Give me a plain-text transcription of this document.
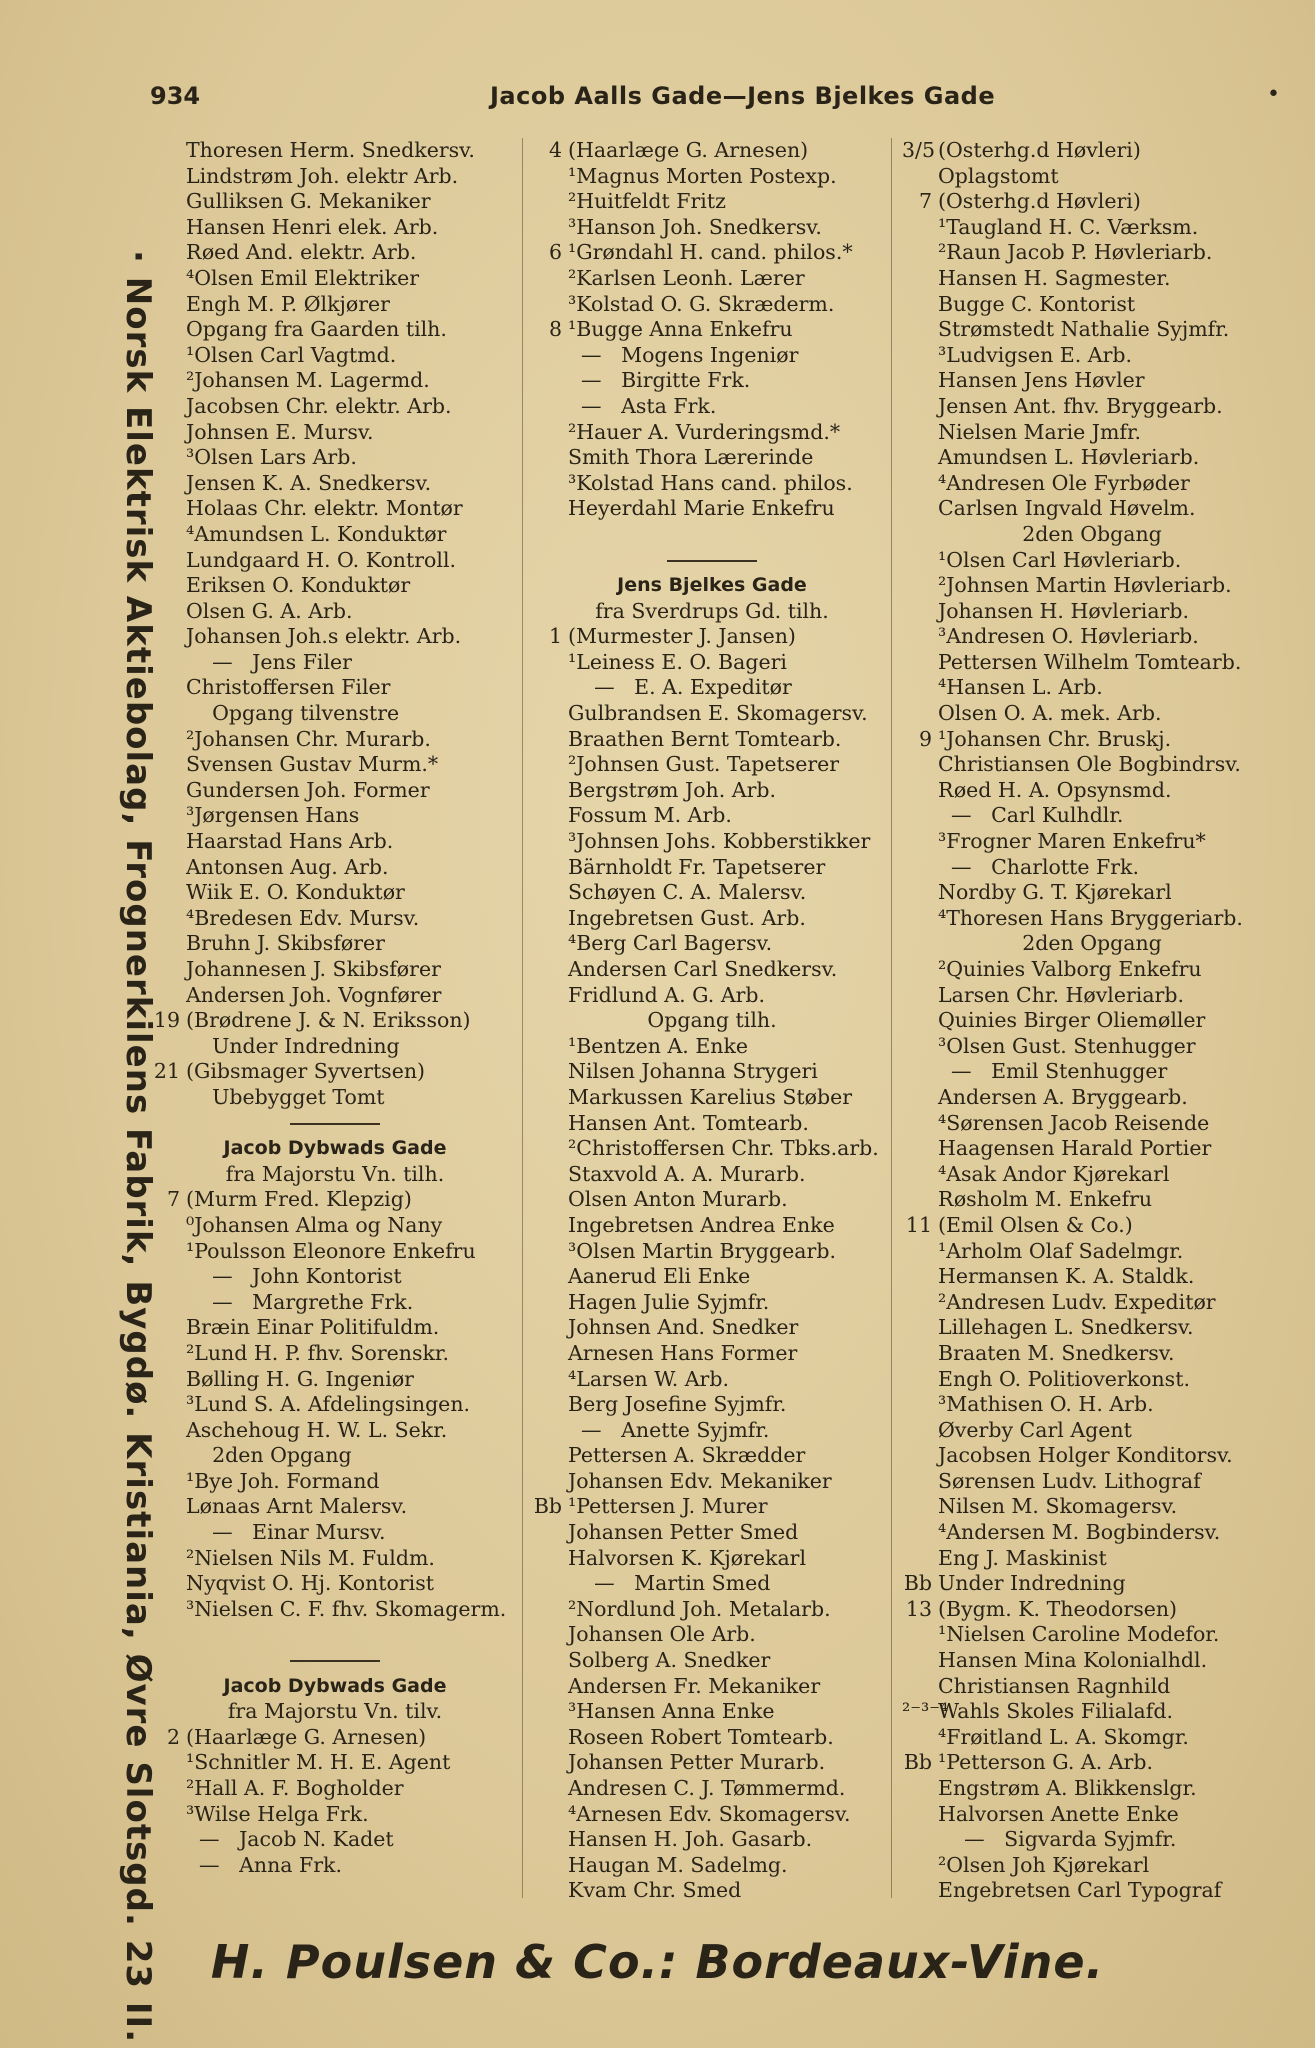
934	Jacob Aalls Gade—Jens Bjelkes Gade	•
· Norsk Elektrisk Aktiebolag, Frognerkilens Fabrik, Bygdø. Kristiania, Øvre Slotsgd. 23 II.
Thoresen Herm. Snedkersv.
Lindstrøm Joh. elektr Arb.
Gulliksen G. Mekaniker
Hansen Henri elek. Arb.
Røed And. elektr. Arb.
⁴Olsen Emil Elektriker
Engh M. P. Ølkjører
Opgang fra Gaarden tilh.
¹Olsen Carl Vagtmd.
²Johansen M. Lagermd.
Jacobsen Chr. elektr. Arb.
Johnsen E. Mursv.
³Olsen Lars Arb.
Jensen K. A. Snedkersv.
Holaas Chr. elektr. Montør
⁴Amundsen L. Konduktør
Lundgaard H. O. Kontroll.
Eriksen O. Konduktør
Olsen G. A. Arb.
Johansen Joh.s elektr. Arb.
—   Jens Filer
Christoffersen Filer
Opgang tilvenstre
²Johansen Chr. Murarb.
Svensen Gustav Murm.*
Gundersen Joh. Former
³Jørgensen Hans
Haarstad Hans Arb.
Antonsen Aug. Arb.
Wiik E. O. Konduktør
⁴Bredesen Edv. Mursv.
Bruhn J. Skibsfører
Johannesen J. Skibsfører
Andersen Joh. Vognfører
19 (Brødrene J. & N. Eriksson)
Under Indredning
21 (Gibsmager Syvertsen)
Ubebygget Tomt
Jacob Dybwads Gade
fra Majorstu Vn. tilh.
7 (Murm Fred. Klepzig)
⁰Johansen Alma og Nany
¹Poulsson Eleonore Enkefru
—   John Kontorist
—   Margrethe Frk.
Bræin Einar Politifuldm.
²Lund H. P. fhv. Sorenskr.
Bølling H. G. Ingeniør
³Lund S. A. Afdelingsingen.
Aschehoug H. W. L. Sekr.
2den Opgang
¹Bye Joh. Formand
Lønaas Arnt Malersv.
—   Einar Mursv.
²Nielsen Nils M. Fuldm.
Nyqvist O. Hj. Kontorist
³Nielsen C. F. fhv. Skomagerm.
Jacob Dybwads Gade
fra Majorstu Vn. tilv.
2 (Haarlæge G. Arnesen)
¹Schnitler M. H. E. Agent
²Hall A. F. Bogholder
³Wilse Helga Frk.
—   Jacob N. Kadet
—   Anna Frk.
4 (Haarlæge G. Arnesen)
¹Magnus Morten Postexp.
²Huitfeldt Fritz
³Hanson Joh. Snedkersv.
6 ¹Grøndahl H. cand. philos.*
²Karlsen Leonh. Lærer
³Kolstad O. G. Skræderm.
8 ¹Bugge Anna Enkefru
—   Mogens Ingeniør
—   Birgitte Frk.
—   Asta Frk.
²Hauer A. Vurderingsmd.*
Smith Thora Lærerinde
³Kolstad Hans cand. philos.
Heyerdahl Marie Enkefru
Jens Bjelkes Gade
fra Sverdrups Gd. tilh.
1 (Murmester J. Jansen)
¹Leiness E. O. Bageri
—   E. A. Expeditør
Gulbrandsen E. Skomagersv.
Braathen Bernt Tomtearb.
²Johnsen Gust. Tapetserer
Bergstrøm Joh. Arb.
Fossum M. Arb.
³Johnsen Johs. Kobberstikker
Bärnholdt Fr. Tapetserer
Schøyen C. A. Malersv.
Ingebretsen Gust. Arb.
⁴Berg Carl Bagersv.
Andersen Carl Snedkersv.
Fridlund A. G. Arb.
Opgang tilh.
¹Bentzen A. Enke
Nilsen Johanna Strygeri
Markussen Karelius Støber
Hansen Ant. Tomtearb.
²Christoffersen Chr. Tbks.arb.
Staxvold A. A. Murarb.
Olsen Anton Murarb.
Ingebretsen Andrea Enke
³Olsen Martin Bryggearb.
Aanerud Eli Enke
Hagen Julie Syjmfr.
Johnsen And. Snedker
Arnesen Hans Former
⁴Larsen W. Arb.
Berg Josefine Syjmfr.
—   Anette Syjmfr.
Pettersen A. Skrædder
Johansen Edv. Mekaniker
Bb ¹Pettersen J. Murer
Johansen Petter Smed
Halvorsen K. Kjørekarl
—   Martin Smed
²Nordlund Joh. Metalarb.
Johansen Ole Arb.
Solberg A. Snedker
Andersen Fr. Mekaniker
³Hansen Anna Enke
Roseen Robert Tomtearb.
Johansen Petter Murarb.
Andresen C. J. Tømmermd.
⁴Arnesen Edv. Skomagersv.
Hansen H. Joh. Gasarb.
Haugan M. Sadelmg.
Kvam Chr. Smed
3/5 (Osterhg.d Høvleri)
Oplagstomt
7 (Osterhg.d Høvleri)
¹Taugland H. C. Værksm.
²Raun Jacob P. Høvleriarb.
Hansen H. Sagmester.
Bugge C. Kontorist
Strømstedt Nathalie Syjmfr.
³Ludvigsen E. Arb.
Hansen Jens Høvler
Jensen Ant. fhv. Bryggearb.
Nielsen Marie Jmfr.
Amundsen L. Høvleriarb.
⁴Andresen Ole Fyrbøder
Carlsen Ingvald Høvelm.
2den Obgang
¹Olsen Carl Høvleriarb.
²Johnsen Martin Høvleriarb.
Johansen H. Høvleriarb.
³Andresen O. Høvleriarb.
Pettersen Wilhelm Tomtearb.
⁴Hansen L. Arb.
Olsen O. A. mek. Arb.
9 ¹Johansen Chr. Bruskj.
Christiansen Ole Bogbindrsv.
Røed H. A. Opsynsmd.
—   Carl Kulhdlr.
³Frogner Maren Enkefru*
—   Charlotte Frk.
Nordby G. T. Kjørekarl
⁴Thoresen Hans Bryggeriarb.
2den Opgang
²Quinies Valborg Enkefru
Larsen Chr. Høvleriarb.
Quinies Birger Oliemøller
³Olsen Gust. Stenhugger
—   Emil Stenhugger
Andersen A. Bryggearb.
⁴Sørensen Jacob Reisende
Haagensen Harald Portier
⁴Asak Andor Kjørekarl
Røsholm M. Enkefru
11 (Emil Olsen & Co.)
¹Arholm Olaf Sadelmgr.
Hermansen K. A. Staldk.
²Andresen Ludv. Expeditør
Lillehagen L. Snedkersv.
Braaten M. Snedkersv.
Engh O. Politioverkonst.
³Mathisen O. H. Arb.
Øverby Carl Agent
Jacobsen Holger Konditorsv.
Sørensen Ludv. Lithograf
Nilsen M. Skomagersv.
⁴Andersen M. Bogbindersv.
Eng J. Maskinist
Bb Under Indredning
13 (Bygm. K. Theodorsen)
¹Nielsen Caroline Modefor.
Hansen Mina Kolonialhdl.
Christiansen Ragnhild
²⁻³⁻⁴
Wahls Skoles Filialafd.
⁴Frøitland L. A. Skomgr.
Bb ¹Petterson G. A. Arb.
Engstrøm A. Blikkenslgr.
Halvorsen Anette Enke
—   Sigvarda Syjmfr.
²Olsen Joh Kjørekarl
Engebretsen Carl Typograf
H. Poulsen & Co.: Bordeaux-Vine.
